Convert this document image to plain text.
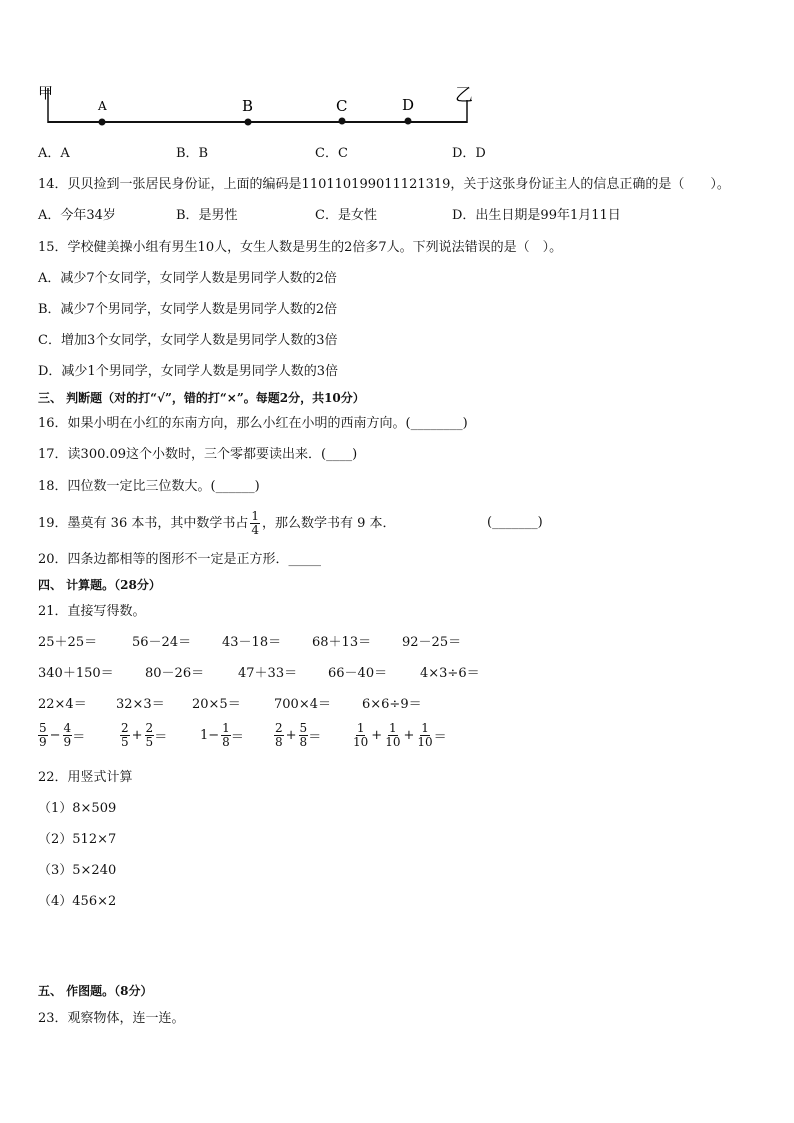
甲	乙
A	B	C	D
A．A	B．B	C．C	D．D
14．贝贝捡到一张居民身份证，上面的编码是110110199011121319，关于这张身份证主人的信息正确的是（　　）。
A．今年34岁	B．是男性	C．是女性	D．出生日期是99年1月11日
15．学校健美操小组有男生10人，女生人数是男生的2倍多7人。下列说法错误的是（　）。
A．减少7个女同学，女同学人数是男同学人数的2倍
B．减少7个男同学，女同学人数是男同学人数的2倍
C．增加3个女同学，女同学人数是男同学人数的3倍
D．减少1个男同学，女同学人数是男同学人数的3倍
三、 判断题（对的打“√”，错的打“×”。每题2分，共10分）
16．如果小明在小红的东南方向，那么小红在小明的西南方向。(________)
17．读300.09这个小数时，三个零都要读出来．(____)
18．四位数一定比三位数大。(______)
19．墨莫有 36 本书，其中数学书占 $\frac{1}{4}$ ，那么数学书有 9 本．	(_______)
20．四条边都相等的图形不一定是正方形．_____
四、 计算题。（28分）
21．直接写得数。
25＋25＝	56－24＝ 43－18＝ 68＋13＝ 92－25＝
340＋150＝ 80－26＝	47＋33＝ 66－40＝	4×3÷6＝
22×4＝ 32×3＝ 20×5＝	700×4＝ 6×6÷9＝
$\frac{5}{9} - \frac{4}{9}$ ＝	$\frac{2}{5} + \frac{2}{5}$ ＝	$1- \frac{1}{8}$ ＝	$\frac{2}{8} + \frac{5}{8}$ ＝	$\frac{1}{10} + \frac{1}{10} + \frac{1}{10}$ ＝
22．用竖式计算
（1）8×509
（2）512×7
（3）5×240
（4）456×2
五、 作图题。（8分）
23．观察物体，连一连。
